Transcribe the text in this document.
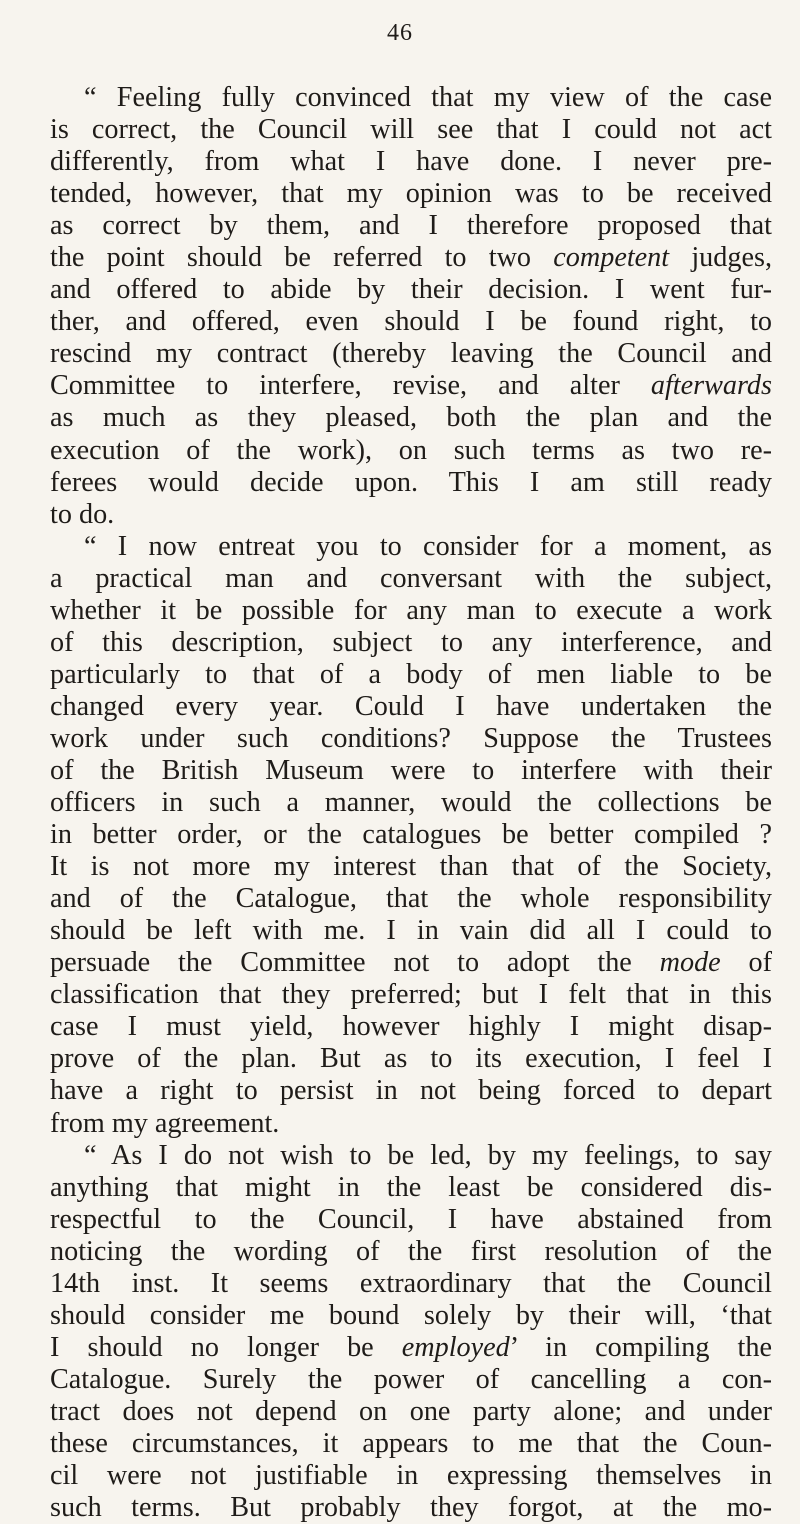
46
“ Feeling fully convinced that my view of the case
is correct, the Council will see that I could not act
differently, from what I have done. I never pre-
tended, however, that my opinion was to be received
as correct by them, and I therefore proposed that
the point should be referred to two competent judges,
and offered to abide by their decision. I went fur-
ther, and offered, even should I be found right, to
rescind my contract (thereby leaving the Council and
Committee to interfere, revise, and alter afterwards
as much as they pleased, both the plan and the
execution of the work), on such terms as two re-
ferees would decide upon. This I am still ready
to do.
“ I now entreat you to consider for a moment, as
a practical man and conversant with the subject,
whether it be possible for any man to execute a work
of this description, subject to any interference, and
particularly to that of a body of men liable to be
changed every year. Could I have undertaken the
work under such conditions? Suppose the Trustees
of the British Museum were to interfere with their
officers in such a manner, would the collections be
in better order, or the catalogues be better compiled ?
It is not more my interest than that of the Society,
and of the Catalogue, that the whole responsibility
should be left with me. I in vain did all I could to
persuade the Committee not to adopt the mode of
classification that they preferred; but I felt that in this
case I must yield, however highly I might disap-
prove of the plan. But as to its execution, I feel I
have a right to persist in not being forced to depart
from my agreement.
“ As I do not wish to be led, by my feelings, to say
anything that might in the least be considered dis-
respectful to the Council, I have abstained from
noticing the wording of the first resolution of the
14th inst. It seems extraordinary that the Council
should consider me bound solely by their will, ‘that
I should no longer be employed’ in compiling the
Catalogue. Surely the power of cancelling a con-
tract does not depend on one party alone; and under
these circumstances, it appears to me that the Coun-
cil were not justifiable in expressing themselves in
such terms. But probably they forgot, at the mo-
